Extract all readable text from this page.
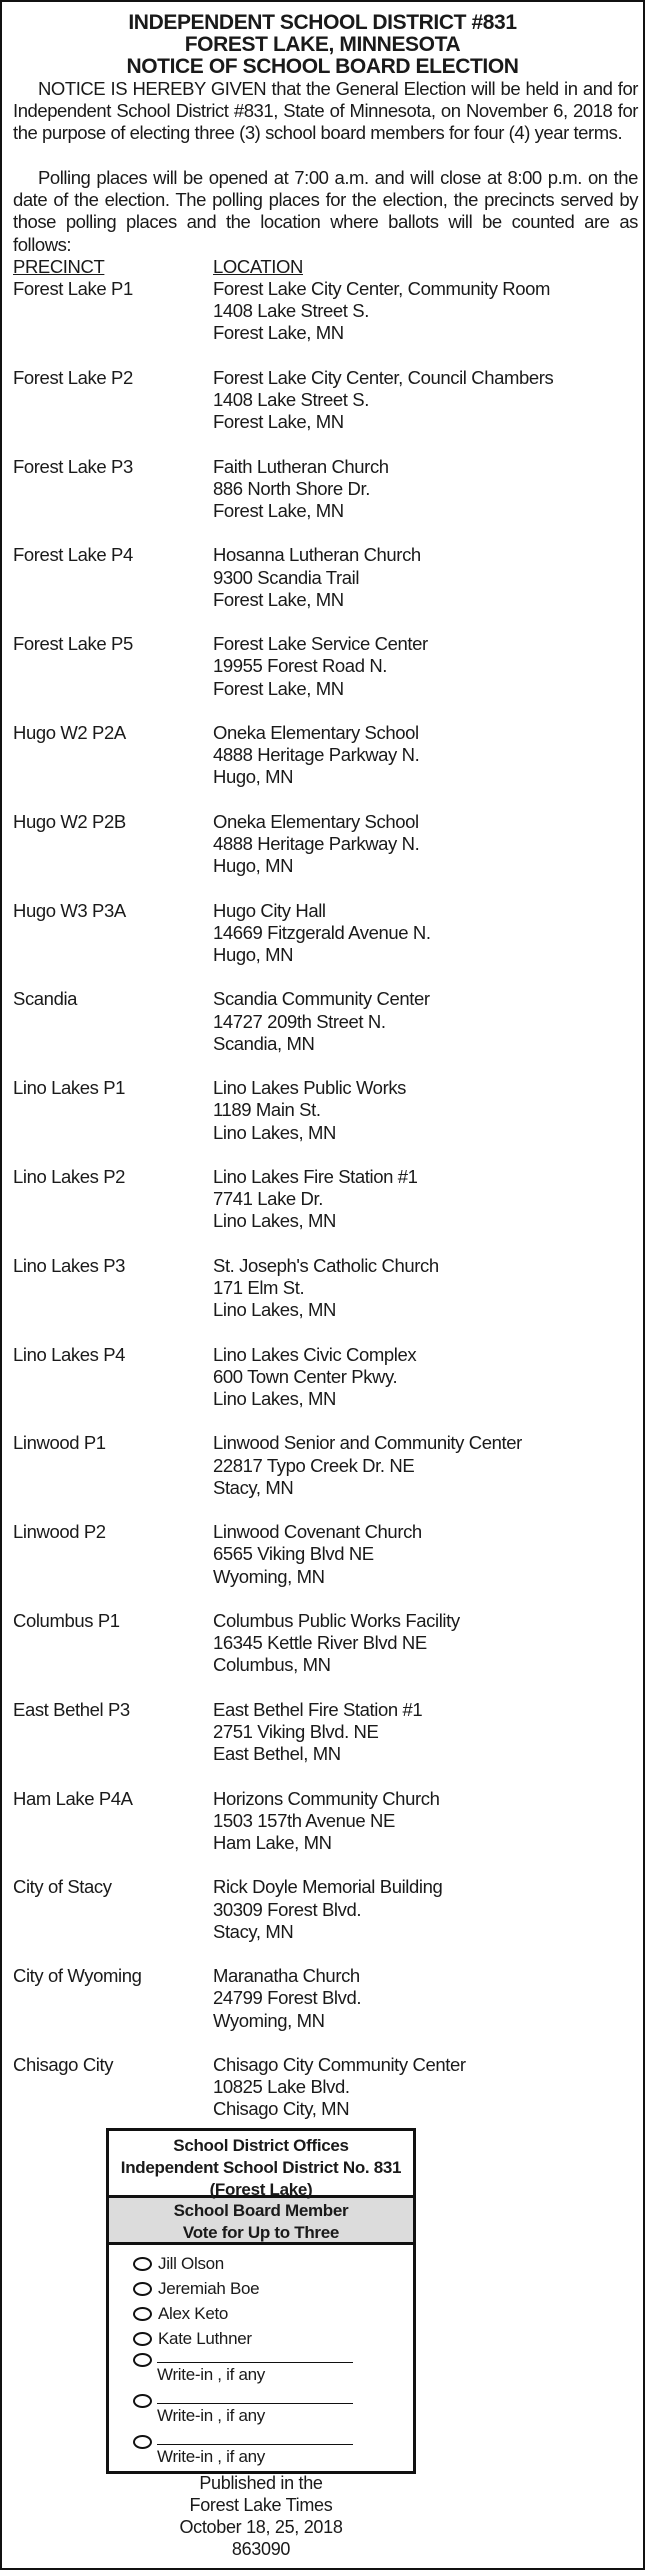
INDEPENDENT SCHOOL DISTRICT #831
FOREST LAKE, MINNESOTA
NOTICE OF SCHOOL BOARD ELECTION
NOTICE IS HEREBY GIVEN that the General Election will be held in and for Independent School District #831, State of Minnesota, on November 6, 2018 for the purpose of electing three (3) school board members for four (4) year terms.
Polling places will be opened at 7:00 a.m. and will close at 8:00 p.m. on the date of the election. The polling places for the election, the precincts served by those polling places and the location where ballots will be counted are as follows:
PRECINCT	LOCATION
Forest Lake P1	Forest Lake City Center, Community Room
1408 Lake Street S.
Forest Lake, MN
Forest Lake P2	Forest Lake City Center, Council Chambers
1408 Lake Street S.
Forest Lake, MN
Forest Lake P3	Faith Lutheran Church
886 North Shore Dr.
Forest Lake, MN
Forest Lake P4	Hosanna Lutheran Church
9300 Scandia Trail
Forest Lake, MN
Forest Lake P5	Forest Lake Service Center
19955 Forest Road N.
Forest Lake, MN
Hugo W2 P2A	Oneka Elementary School
4888 Heritage Parkway N.
Hugo, MN
Hugo W2 P2B	Oneka Elementary School
4888 Heritage Parkway N.
Hugo, MN
Hugo W3 P3A	Hugo City Hall
14669 Fitzgerald Avenue N.
Hugo, MN
Scandia	Scandia Community Center
14727 209th Street N.
Scandia, MN
Lino Lakes P1	Lino Lakes Public Works
1189 Main St.
Lino Lakes, MN
Lino Lakes P2	Lino Lakes Fire Station #1
7741 Lake Dr.
Lino Lakes, MN
Lino Lakes P3	St. Joseph's Catholic Church
171 Elm St.
Lino Lakes, MN
Lino Lakes P4	Lino Lakes Civic Complex
600 Town Center Pkwy.
Lino Lakes, MN
Linwood P1	Linwood Senior and Community Center
22817 Typo Creek Dr. NE
Stacy, MN
Linwood P2	Linwood Covenant Church
6565 Viking Blvd NE
Wyoming, MN
Columbus P1	Columbus Public Works Facility
16345 Kettle River Blvd NE
Columbus, MN
East Bethel P3	East Bethel Fire Station #1
2751 Viking Blvd. NE
East Bethel, MN
Ham Lake P4A	Horizons Community Church
1503 157th Avenue NE
Ham Lake, MN
City of Stacy	Rick Doyle Memorial Building
30309 Forest Blvd.
Stacy, MN
City of Wyoming	Maranatha Church
24799 Forest Blvd.
Wyoming, MN
Chisago City	Chisago City Community Center
10825 Lake Blvd.
Chisago City, MN
School District Offices
Independent School District No. 831
(Forest Lake)
School Board Member
Vote for Up to Three
Jill Olson
Jeremiah Boe
Alex Keto
Kate Luthner
Write-in , if any
Write-in , if any
Write-in , if any
Published in the
Forest Lake Times
October 18, 25, 2018
863090
